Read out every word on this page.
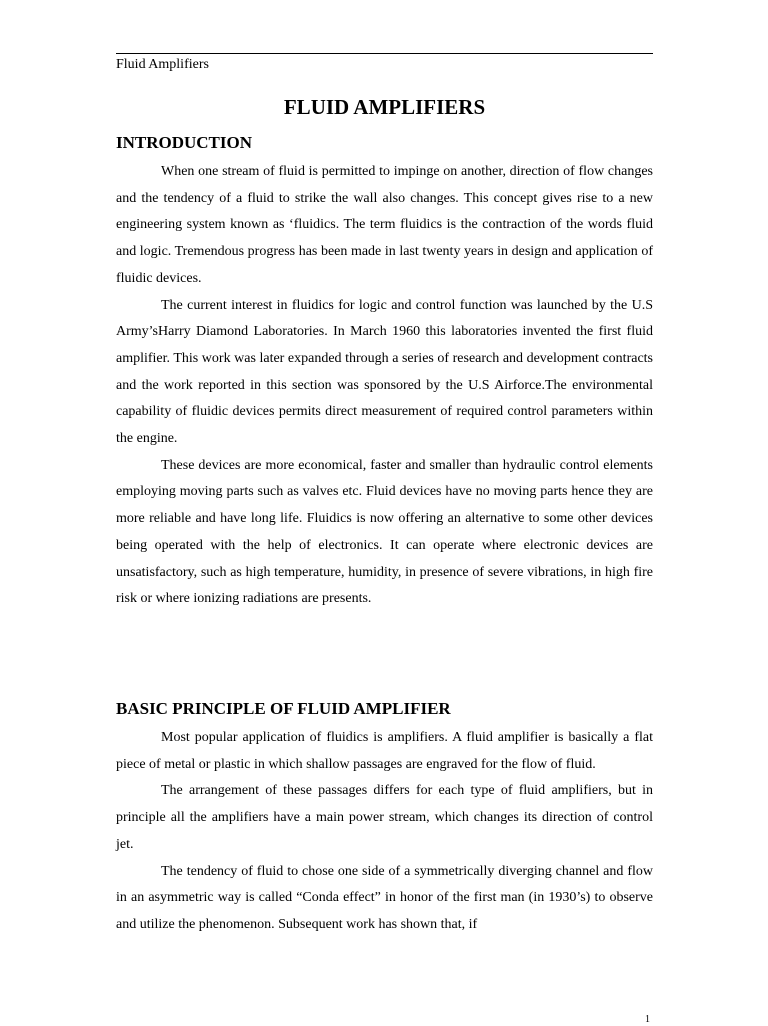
Fluid Amplifiers
FLUID AMPLIFIERS
INTRODUCTION

When one stream of fluid is permitted to impinge on another, direction of flow changes and the tendency of a fluid to strike the wall also changes. This concept gives rise to a new engineering system known as ‘fluidics. The term fluidics is the contraction of the words fluid and logic. Tremendous progress has been made in last twenty years in design and application of fluidic devices.

The current interest in fluidics for logic and control function was launched by the U.S Army’sHarry Diamond Laboratories. In March 1960 this laboratories invented the first fluid amplifier. This work was later expanded through a series of research and development contracts and the work reported in this section was sponsored by the U.S Airforce.The environmental capability of fluidic devices permits direct measurement of required control parameters within the engine.

These devices are more economical, faster and smaller than hydraulic control elements employing moving parts such as valves etc. Fluid devices have no moving parts hence they are more reliable and have long life. Fluidics is now offering an alternative to some other devices being operated with the help of electronics. It can operate where electronic devices are unsatisfactory, such as high temperature, humidity, in presence of severe vibrations, in high fire risk or where ionizing radiations are presents.

BASIC PRINCIPLE OF FLUID AMPLIFIER

Most popular application of fluidics is amplifiers. A fluid amplifier is basically a flat piece of metal or plastic in which shallow passages are engraved for the flow of fluid.

The arrangement of these passages differs for each type of fluid amplifiers, but in principle all the amplifiers have a main power stream, which changes its direction of control jet.

The tendency of fluid to chose one side of a symmetrically diverging channel and flow in an asymmetric way is called “Conda effect” in honor of the first man (in 1930’s) to observe and utilize the phenomenon. Subsequent work has shown that, if

1
